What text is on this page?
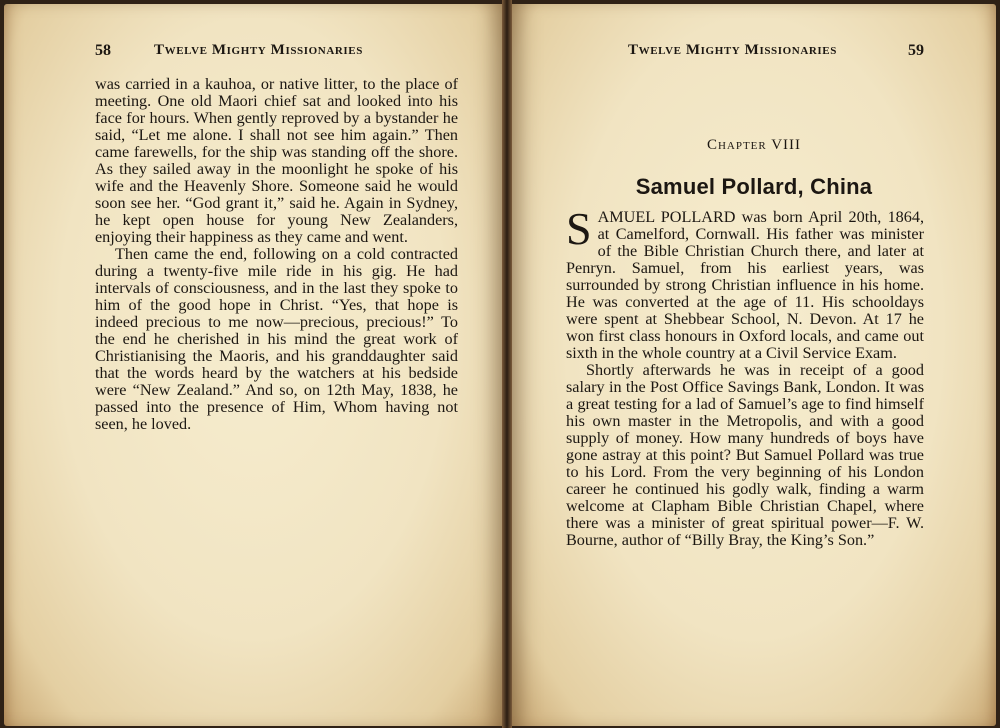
58	Twelve Mighty Missionaries

was carried in a kauhoa, or native litter, to the place of meeting. One old Maori chief sat and looked into his face for hours. When gently reproved by a bystander he said, “Let me alone. I shall not see him again.” Then came farewells, for the ship was standing off the shore. As they sailed away in the moonlight he spoke of his wife and the Heavenly Shore. Someone said he would soon see her. “God grant it,” said he. Again in Sydney, he kept open house for young New Zealanders, enjoying their happiness as they came and went.

Then came the end, following on a cold contracted during a twenty-five mile ride in his gig. He had intervals of consciousness, and in the last they spoke to him of the good hope in Christ. “Yes, that hope is indeed precious to me now—precious, precious!” To the end he cherished in his mind the great work of Christianising the Maoris, and his granddaughter said that the words heard by the watchers at his bedside were “New Zealand.” And so, on 12th May, 1838, he passed into the presence of Him, Whom having not seen, he loved.

Twelve Mighty Missionaries	59
Chapter VIII
Samuel Pollard, China

SAMUEL POLLARD was born April 20th, 1864, at Camelford, Cornwall. His father was minister of the Bible Christian Church there, and later at Penryn. Samuel, from his earliest years, was surrounded by strong Christian influence in his home. He was converted at the age of 11. His schooldays were spent at Shebbear School, N. Devon. At 17 he won first class honours in Oxford locals, and came out sixth in the whole country at a Civil Service Exam.

Shortly afterwards he was in receipt of a good salary in the Post Office Savings Bank, London. It was a great testing for a lad of Samuel’s age to find himself his own master in the Metropolis, and with a good supply of money. How many hundreds of boys have gone astray at this point? But Samuel Pollard was true to his Lord. From the very beginning of his London career he continued his godly walk, finding a warm welcome at Clapham Bible Christian Chapel, where there was a minister of great spiritual power—F. W. Bourne, author of “Billy Bray, the King’s Son.”
